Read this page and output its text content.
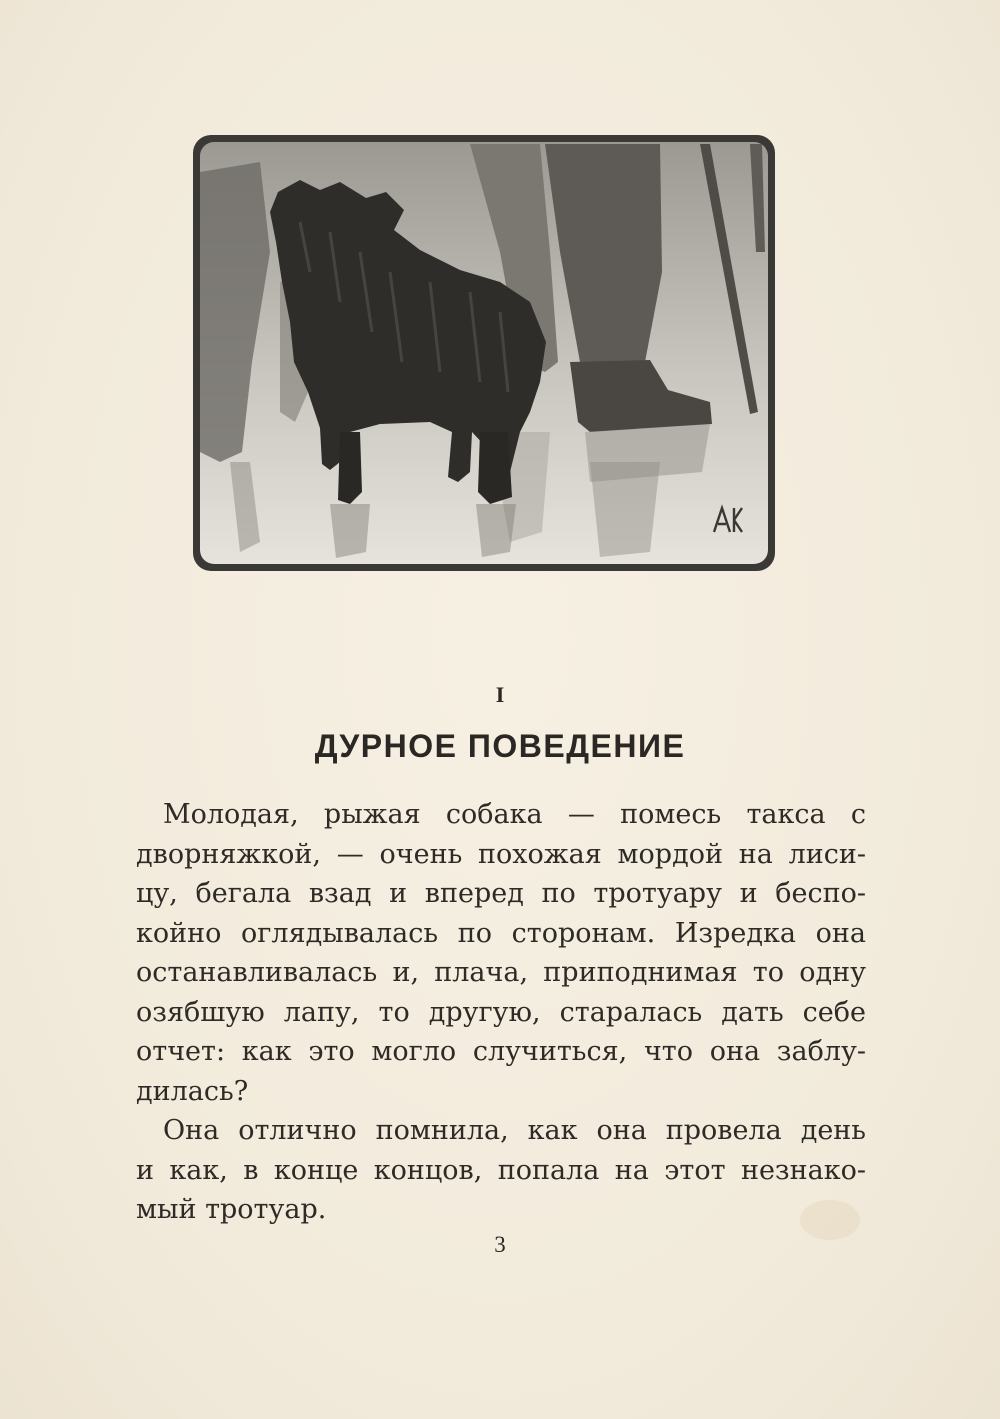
I
ДУРНОЕ ПОВЕДЕНИЕ
Молодая, рыжая собака — помесь такса с
дворняжкой, — очень похожая мордой на лиси-
цу, бегала взад и вперед по тротуару и беспо-
койно оглядывалась по сторонам. Изредка она
останавливалась и, плача, приподнимая то одну
озябшую лапу, то другую, старалась дать себе
отчет: как это могло случиться, что она заблу-
дилась?
Она отлично помнила, как она провела день
и как, в конце концов, попала на этот незнако-
мый тротуар.
3
